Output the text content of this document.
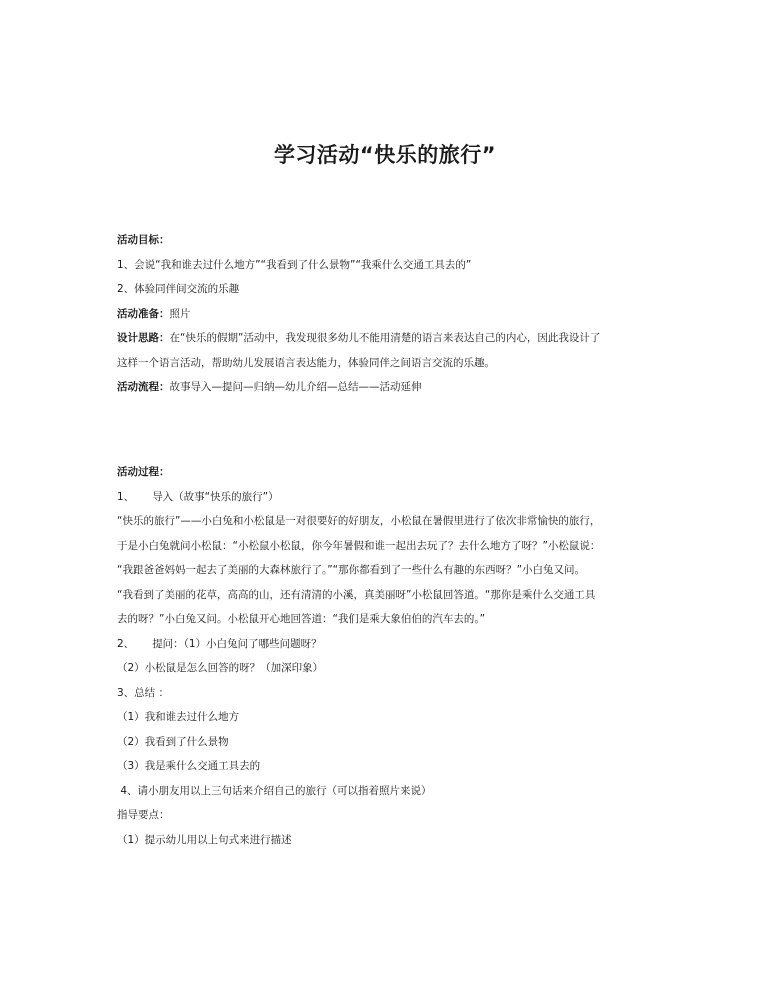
学习活动“快乐的旅行”
活动目标：
1、会说“我和谁去过什么地方”“我看到了什么景物”“我乘什么交通工具去的”
2、体验同伴间交流的乐趣
活动准备：照片
设计思路：在“快乐的假期”活动中，我发现很多幼儿不能用清楚的语言来表达自己的内心，因此我设计了
这样一个语言活动，帮助幼儿发展语言表达能力，体验同伴之间语言交流的乐趣。
活动流程：故事导入—提问—归纳—幼儿介绍—总结——活动延伸
活动过程：
1、 导入（故事“快乐的旅行”）
“快乐的旅行”——小白兔和小松鼠是一对很要好的好朋友，小松鼠在暑假里进行了依次非常愉快的旅行，
于是小白兔就问小松鼠：“小松鼠小松鼠，你今年暑假和谁一起出去玩了？去什么地方了呀？”小松鼠说：
“我跟爸爸妈妈一起去了美丽的大森林旅行了。”“那你都看到了一些什么有趣的东西呀？”小白兔又问。
“我看到了美丽的花草，高高的山，还有清清的小溪，真美丽呀”小松鼠回答道。“那你是乘什么交通工具
去的呀？”小白兔又问。小松鼠开心地回答道：“我们是乘大象伯伯的汽车去的。”
2、 提问：（1）小白兔问了哪些问题呀？
（2）小松鼠是怎么回答的呀？（加深印象）
3、总结 ：
（1）我和谁去过什么地方
（2）我看到了什么景物
（3）我是乘什么交通工具去的
4、请小朋友用以上三句话来介绍自己的旅行（可以指着照片来说）
指导要点：
（1）提示幼儿用以上句式来进行描述
